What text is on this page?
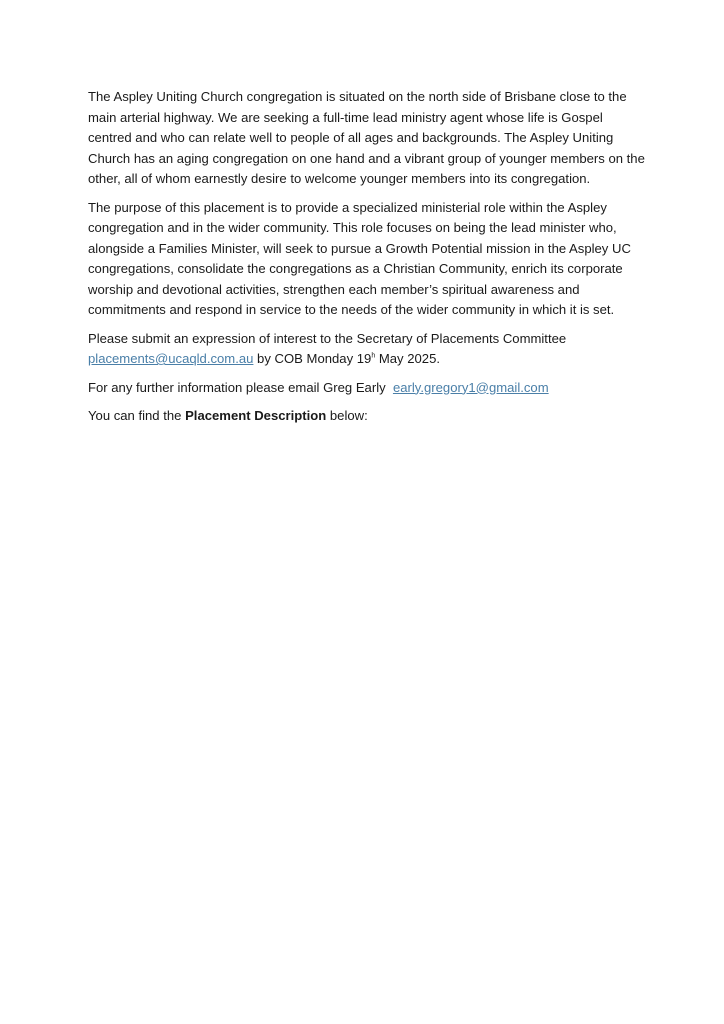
The Aspley Uniting Church congregation is situated on the north side of Brisbane close to the main arterial highway. We are seeking a full-time lead ministry agent whose life is Gospel centred and who can relate well to people of all ages and backgrounds. The Aspley Uniting Church has an aging congregation on one hand and a vibrant group of younger members on the other, all of whom earnestly desire to welcome younger members into its congregation.

The purpose of this placement is to provide a specialized ministerial role within the Aspley congregation and in the wider community. This role focuses on being the lead minister who, alongside a Families Minister, will seek to pursue a Growth Potential mission in the Aspley UC congregations, consolidate the congregations as a Christian Community, enrich its corporate worship and devotional activities, strengthen each member’s spiritual awareness and commitments and respond in service to the needs of the wider community in which it is set.

Please submit an expression of interest to the Secretary of Placements Committee
placements@ucaqld.com.au by COB Monday 19$^h$ May 2025.

For any further information please email Greg Early early.gregory1@gmail.com

You can find the Placement Description below:
